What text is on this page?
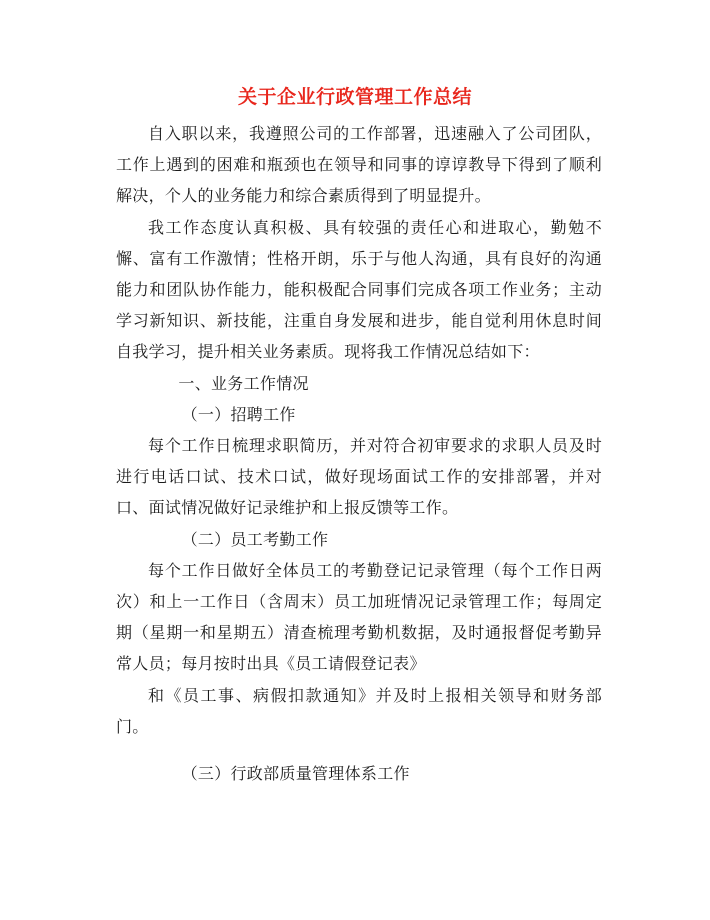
关于企业行政管理工作总结

自入职以来，我遵照公司的工作部署，迅速融入了公司团队，工作上遇到的困难和瓶颈也在领导和同事的谆谆教导下得到了顺利解决，个人的业务能力和综合素质得到了明显提升。

我工作态度认真积极、具有较强的责任心和进取心，勤勉不懈、富有工作激情；性格开朗，乐于与他人沟通，具有良好的沟通能力和团队协作能力，能积极配合同事们完成各项工作业务；主动学习新知识、新技能，注重自身发展和进步，能自觉利用休息时间自我学习，提升相关业务素质。现将我工作情况总结如下：

一、业务工作情况

（一）招聘工作

每个工作日梳理求职简历，并对符合初审要求的求职人员及时进行电话口试、技术口试，做好现场面试工作的安排部署，并对口、面试情况做好记录维护和上报反馈等工作。

（二）员工考勤工作

每个工作日做好全体员工的考勤登记记录管理（每个工作日两次）和上一工作日（含周末）员工加班情况记录管理工作；每周定期（星期一和星期五）清查梳理考勤机数据，及时通报督促考勤异常人员；每月按时出具《员工请假登记表》

和《员工事、病假扣款通知》并及时上报相关领导和财务部门。

（三）行政部质量管理体系工作
